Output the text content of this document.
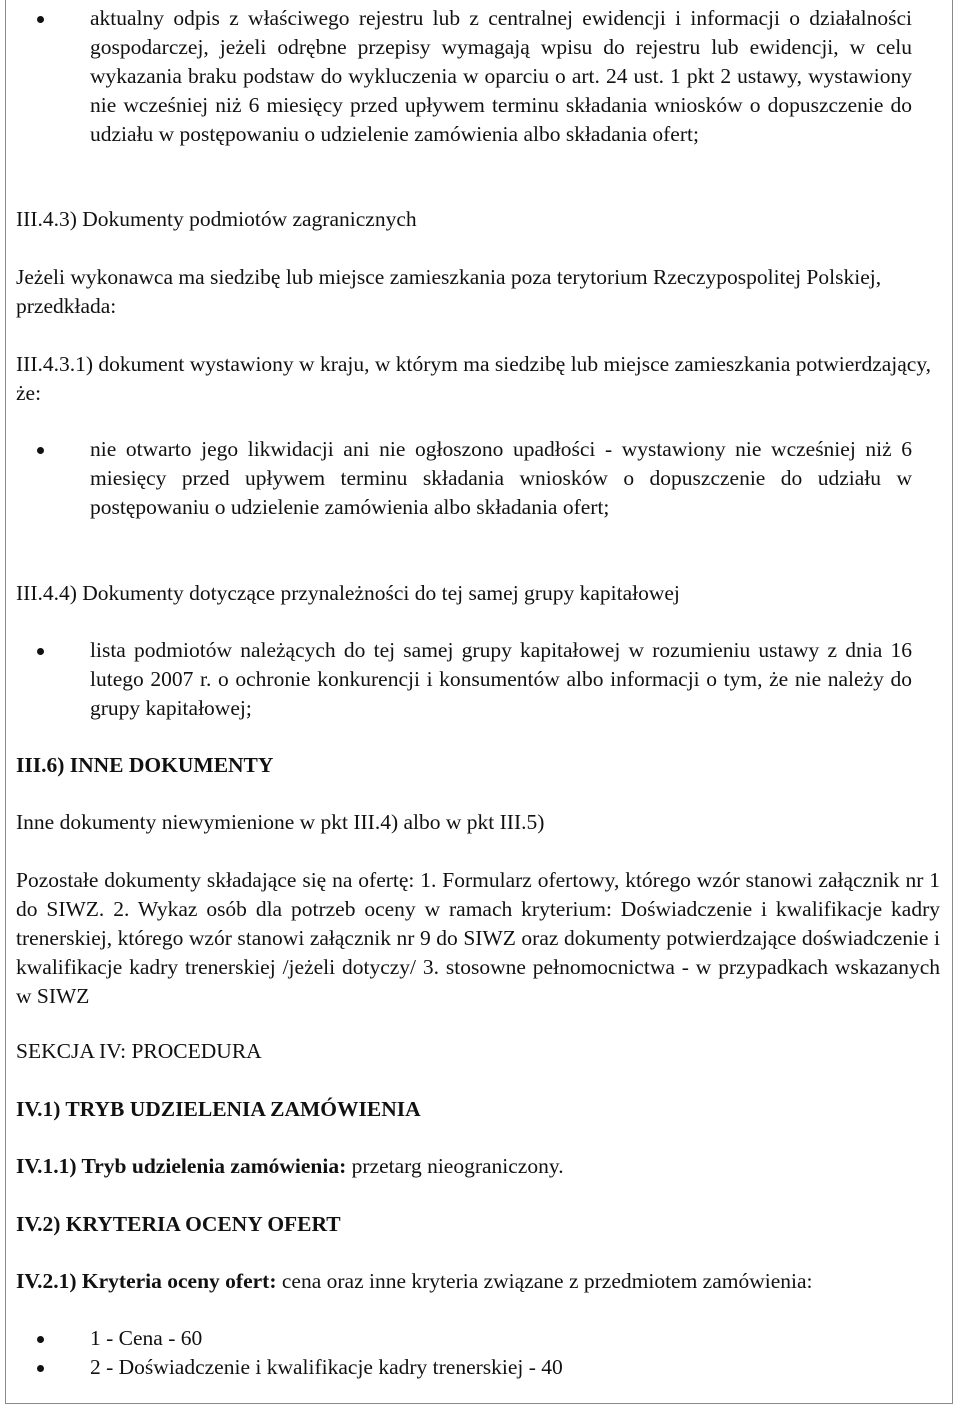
aktualny odpis z właściwego rejestru lub z centralnej ewidencji i informacji o działalności gospodarczej, jeżeli odrębne przepisy wymagają wpisu do rejestru lub ewidencji, w celu wykazania braku podstaw do wykluczenia w oparciu o art. 24 ust. 1 pkt 2 ustawy, wystawiony nie wcześniej niż 6 miesięcy przed upływem terminu składania wniosków o dopuszczenie do udziału w postępowaniu o udzielenie zamówienia albo składania ofert;

III.4.3) Dokumenty podmiotów zagranicznych

Jeżeli wykonawca ma siedzibę lub miejsce zamieszkania poza terytorium Rzeczypospolitej Polskiej, przedkłada:

III.4.3.1) dokument wystawiony w kraju, w którym ma siedzibę lub miejsce zamieszkania potwierdzający, że:

nie otwarto jego likwidacji ani nie ogłoszono upadłości - wystawiony nie wcześniej niż 6 miesięcy przed upływem terminu składania wniosków o dopuszczenie do udziału w postępowaniu o udzielenie zamówienia albo składania ofert;

III.4.4) Dokumenty dotyczące przynależności do tej samej grupy kapitałowej

lista podmiotów należących do tej samej grupy kapitałowej w rozumieniu ustawy z dnia 16 lutego 2007 r. o ochronie konkurencji i konsumentów albo informacji o tym, że nie należy do grupy kapitałowej;

III.6) INNE DOKUMENTY

Inne dokumenty niewymienione w pkt III.4) albo w pkt III.5)

Pozostałe dokumenty składające się na ofertę: 1. Formularz ofertowy, którego wzór stanowi załącznik nr 1 do SIWZ. 2. Wykaz osób dla potrzeb oceny w ramach kryterium: Doświadczenie i kwalifikacje kadry trenerskiej, którego wzór stanowi załącznik nr 9 do SIWZ oraz dokumenty potwierdzające doświadczenie i kwalifikacje kadry trenerskiej /jeżeli dotyczy/ 3. stosowne pełnomocnictwa - w przypadkach wskazanych w SIWZ

SEKCJA IV: PROCEDURA

IV.1) TRYB UDZIELENIA ZAMÓWIENIA

IV.1.1) Tryb udzielenia zamówienia: przetarg nieograniczony.

IV.2) KRYTERIA OCENY OFERT

IV.2.1) Kryteria oceny ofert: cena oraz inne kryteria związane z przedmiotem zamówienia:

1 - Cena - 60

2 - Doświadczenie i kwalifikacje kadry trenerskiej - 40
